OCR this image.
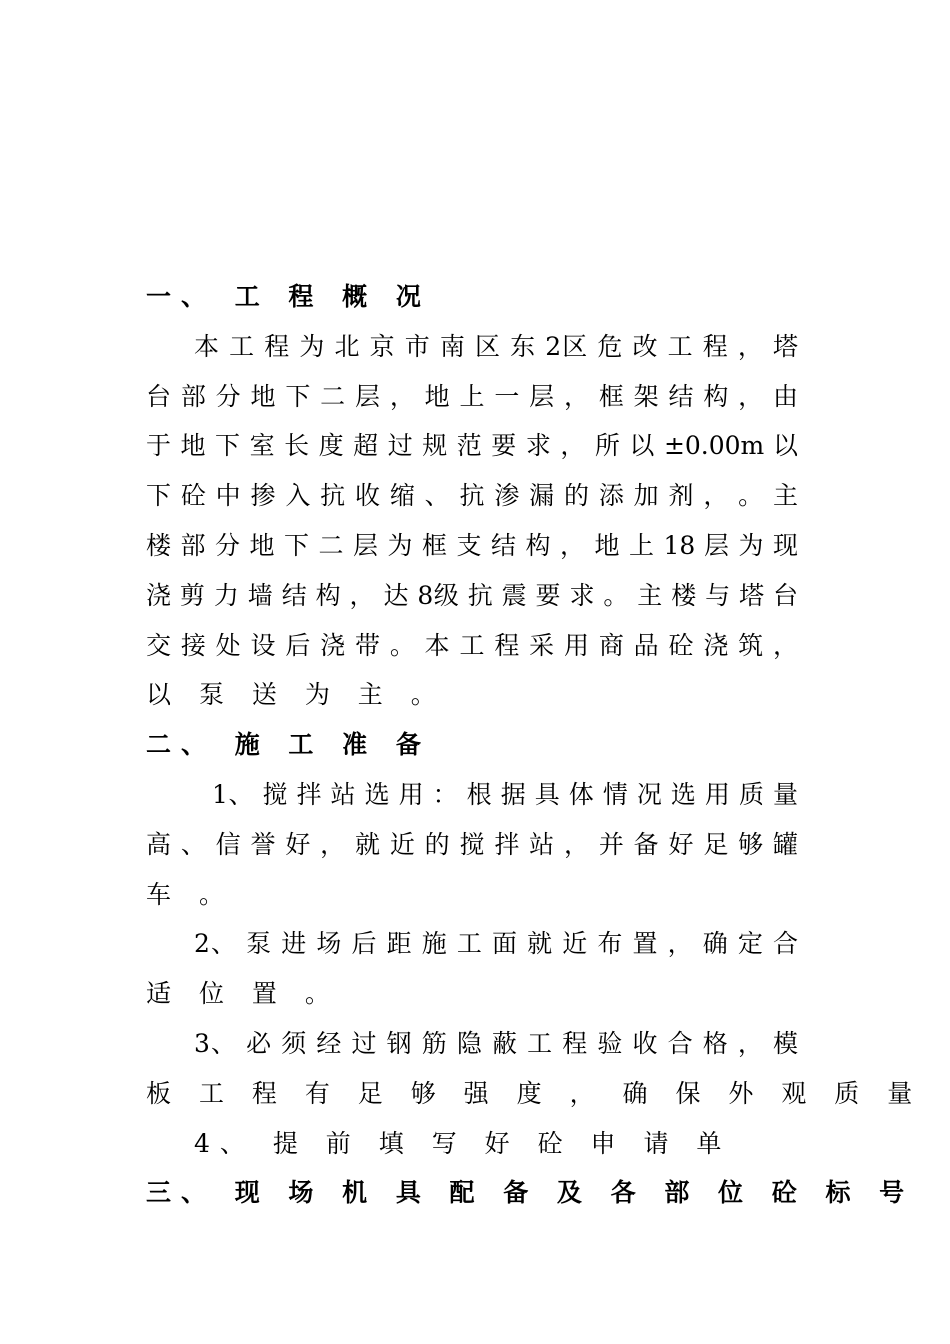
一、 工 程 概 况
本 工 程 为 北 京 市 南 区 东 2区 危 改 工 程 ， 塔
台 部 分 地 下 二 层 ， 地 上 一 层 ， 框 架 结 构 ， 由
于 地 下 室 长 度 超 过 规 范 要 求 ， 所 以 ±0.00m 以
下 砼 中 掺 入 抗 收 缩 、 抗 渗 漏 的 添 加 剂 ， 。 主
楼 部 分 地 下 二 层 为 框 支 结 构 ， 地 上 18 层 为 现
浇 剪 力 墙 结 构 ， 达 8级 抗 震 要 求 。 主 楼 与 塔 台
交 接 处 设 后 浇 带 。 本 工 程 采 用 商 品 砼 浇 筑 ，
以 泵 送 为 主 。
二、 施 工 准 备
1、 搅 拌 站 选 用 ： 根 据 具 体 情 况 选 用 质 量
高 、 信 誉 好 ， 就 近 的 搅 拌 站 ， 并 备 好 足 够 罐
车 。
2、 泵 进 场 后 距 施 工 面 就 近 布 置 ， 确 定 合
适 位 置 。
3、 必 须 经 过 钢 筋 隐 蔽 工 程 验 收 合 格 ， 模
板 工 程 有 足 够 强 度 ， 确 保 外 观 质 量
4、 提 前 填 写 好 砼 申 请 单
三、 现 场 机 具 配 备 及 各 部 位 砼 标 号
